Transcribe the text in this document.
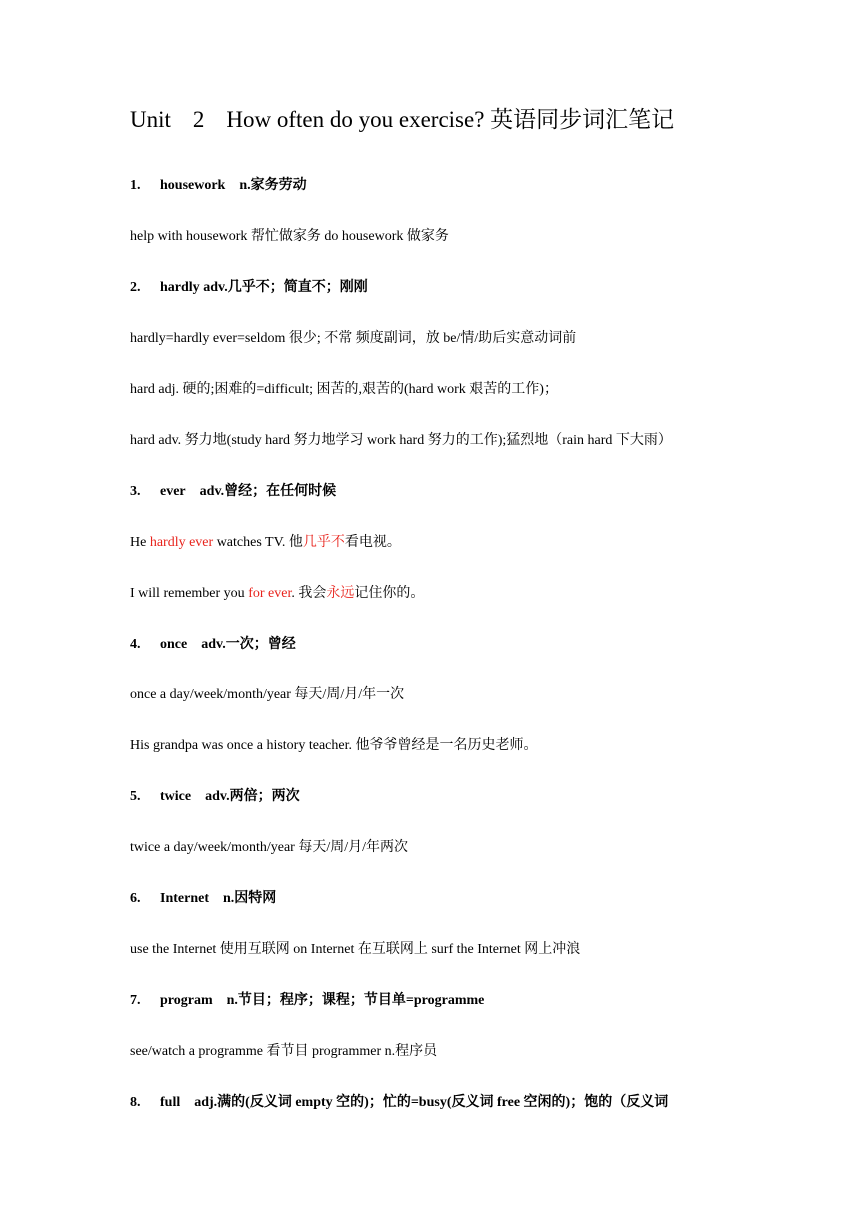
Unit 2 How often do you exercise? 英语同步词汇笔记
1. housework n.家务劳动
help with housework 帮忙做家务 do housework 做家务
2. hardly adv.几乎不；简直不；刚刚
hardly=hardly ever=seldom 很少; 不常 频度副词，放 be/情/助后实意动词前
hard adj. 硬的;困难的=difficult; 困苦的,艰苦的(hard work 艰苦的工作)；
hard adv. 努力地(study hard 努力地学习 work hard 努力的工作);猛烈地（rain hard 下大雨）
3. ever adv.曾经；在任何时候
He hardly ever watches TV. 他几乎不看电视。
I will remember you for ever. 我会永远记住你的。
4. once adv.一次；曾经
once a day/week/month/year 每天/周/月/年一次
His grandpa was once a history teacher. 他爷爷曾经是一名历史老师。
5. twice adv.两倍；两次
twice a day/week/month/year 每天/周/月/年两次
6. Internet n.因特网
use the Internet 使用互联网 on Internet 在互联网上 surf the Internet 网上冲浪
7. program n.节目；程序；课程；节目单=programme
see/watch a programme 看节目 programmer n.程序员
8. full adj.满的(反义词 empty 空的)；忙的=busy(反义词 free 空闲的)；饱的（反义词
